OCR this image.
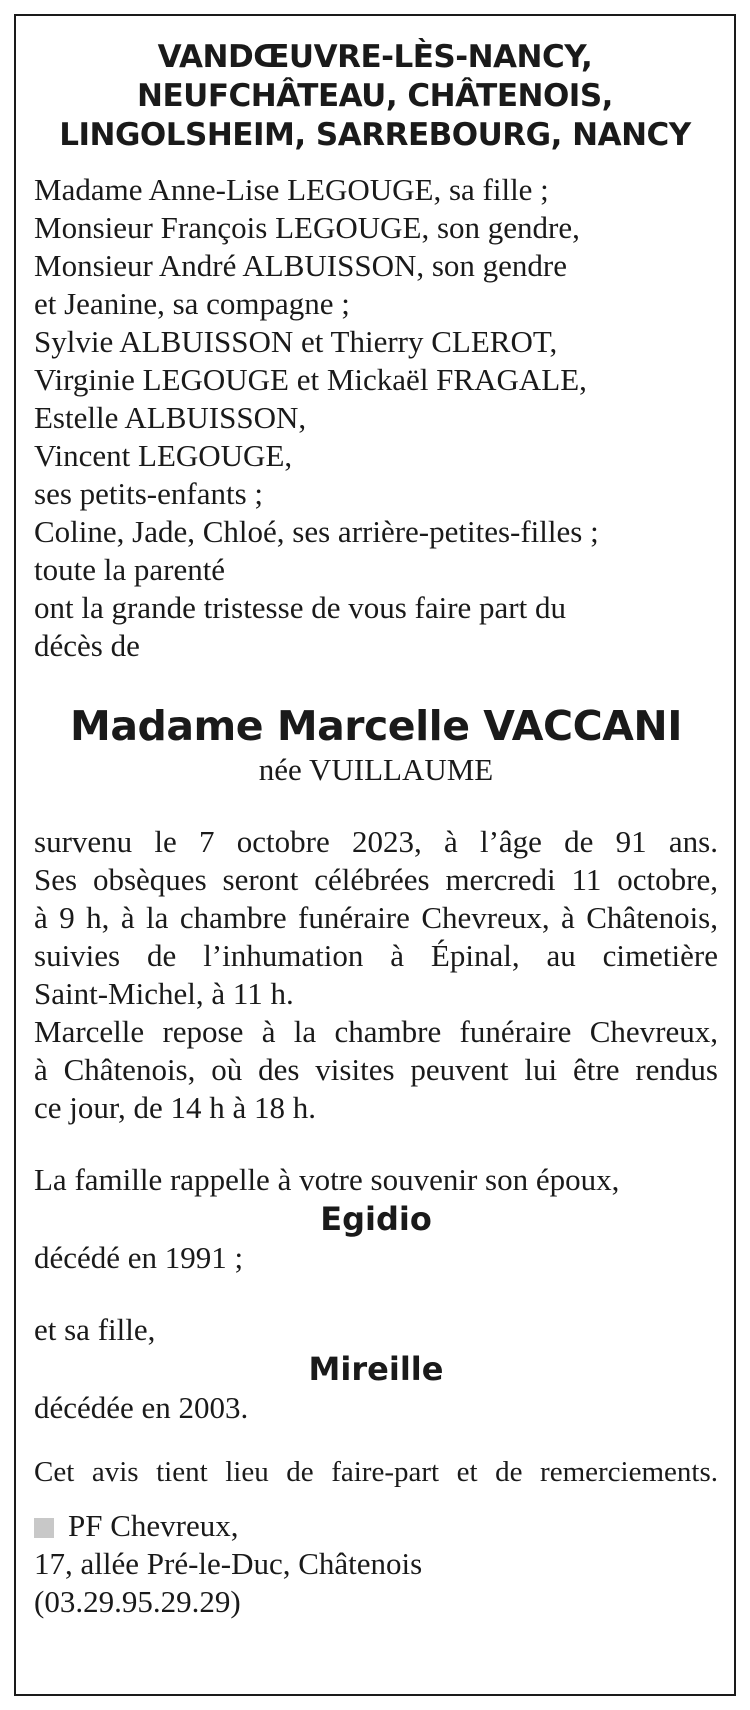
VANDŒUVRE-LÈS-NANCY,
NEUFCHÂTEAU, CHÂTENOIS,
LINGOLSHEIM, SARREBOURG, NANCY
Madame Anne-Lise LEGOUGE, sa fille ;
Monsieur François LEGOUGE, son gendre,
Monsieur André ALBUISSON, son gendre
et Jeanine, sa compagne ;
Sylvie ALBUISSON et Thierry CLEROT,
Virginie LEGOUGE et Mickaël FRAGALE,
Estelle ALBUISSON,
Vincent LEGOUGE,
ses petits-enfants ;
Coline, Jade, Chloé, ses arrière-petites-filles ;
toute la parenté
ont la grande tristesse de vous faire part du
décès de
Madame Marcelle VACCANI
née VUILLAUME
survenu le 7 octobre 2023, à l’âge de 91 ans.
Ses obsèques seront célébrées mercredi 11 octobre,
à 9 h, à la chambre funéraire Chevreux, à Châtenois,
suivies de l’inhumation à Épinal, au cimetière
Saint-Michel, à 11 h.
Marcelle repose à la chambre funéraire Chevreux,
à Châtenois, où des visites peuvent lui être rendus
ce jour, de 14 h à 18 h.
La famille rappelle à votre souvenir son époux,
Egidio
décédé en 1991 ;
et sa fille,
Mireille
décédée en 2003.
Cet avis tient lieu de faire-part et de remerciements.
PF Chevreux,
17, allée Pré-le-Duc, Châtenois
(03.29.95.29.29)
